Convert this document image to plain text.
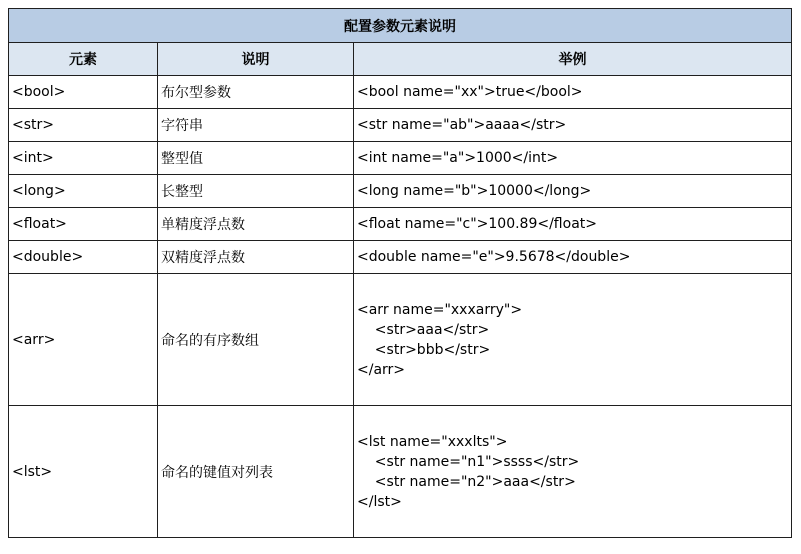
配置参数元素说明		
元素	说明	举例
<bool>	布尔型参数	<bool name="xx">true</bool>
<str>	字符串	<str name="ab">aaaa</str>
<int>	整型值	<int name="a">1000</int>
<long>	长整型	<long name="b">10000</long>
<float>	单精度浮点数	<float name="c">100.89</float>
<double>	双精度浮点数	<double name="e">9.5678</double>
<arr>	命名的有序数组	<arr name="xxxarry">
<str>aaa</str>
<str>bbb</str>
</arr>
<lst>	命名的键值对列表	<lst name="xxxlts">
<str name="n1">ssss</str>
<str name="n2">aaa</str>
</lst>
